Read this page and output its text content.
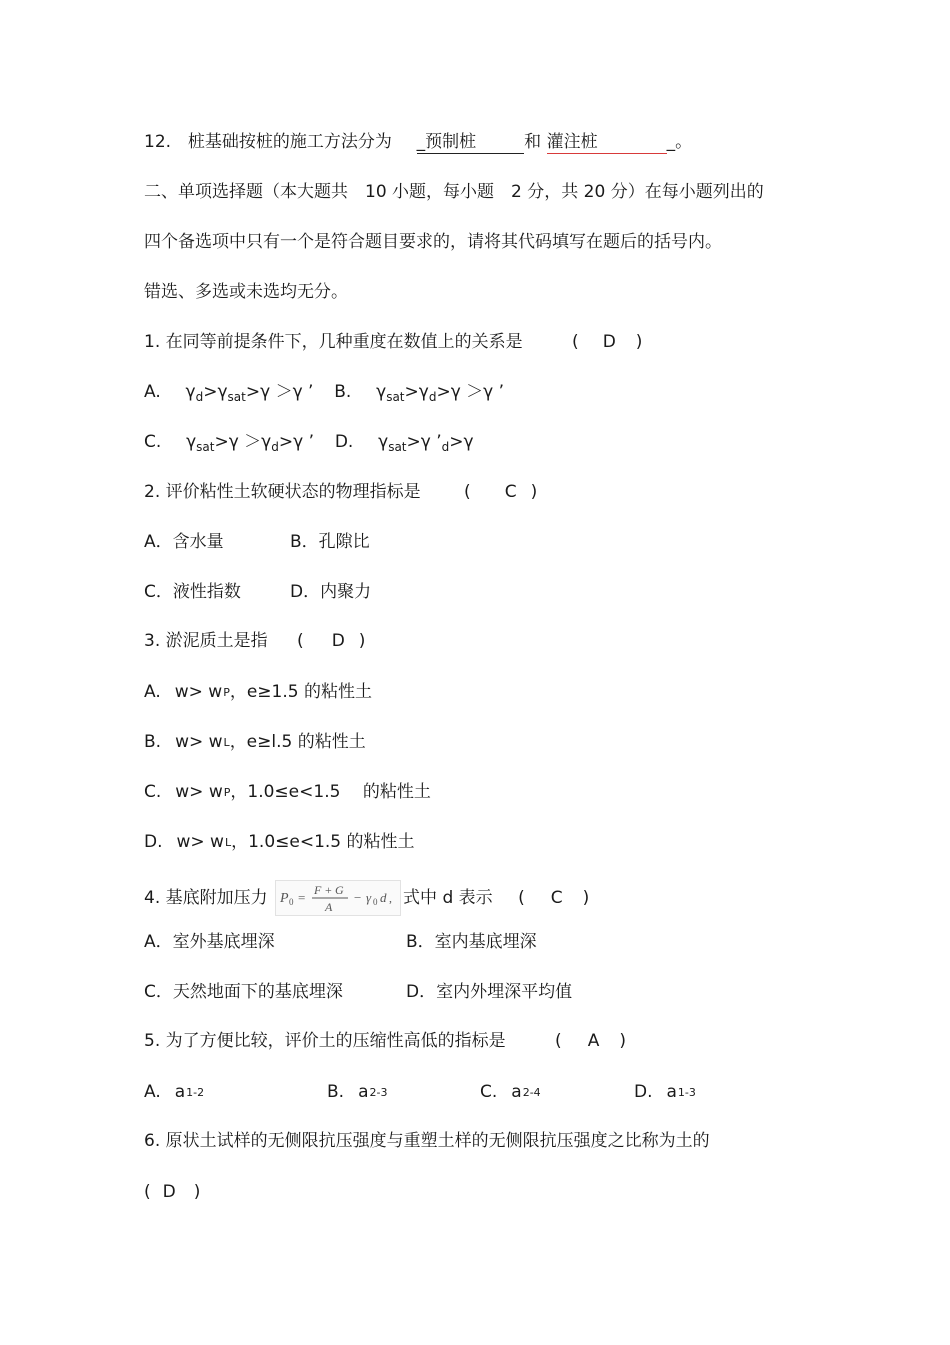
12. 桩基础按桩的施工方法分为 _预制桩	和 灌注桩	_。
二、单项选择题（本大题共　10 小题，每小题　2 分，共 20 分）在每小题列出的
四个备选项中只有一个是符合题目要求的，请将其代码填写在题后的括号内。
错选、多选或未选均无分。
1. 在同等前提条件下，几种重度在数值上的关系是	( D )
A. $\gamma_d>\gamma_{sat}>\gamma >\gamma$ ’ B. $\gamma_{sat}>\gamma_d>\gamma >\gamma$ ’
C. $\gamma_{sat}>\gamma >\gamma_d>\gamma$ ’ D. $\gamma_{sat}>\gamma$ $’_d>\gamma$
2. 评价粘性土软硬状态的物理指标是	( C )
A．含水量	B．孔隙比
C．液性指数	D．内聚力
3. 淤泥质土是指 ( D )
A. w> wP，e≥1.5 的粘性土
B. w> wL，e≥l.5 的粘性土
C. w> wP，1.0≤e<1.5 　的粘性土
D. w> wL，1.0≤e<1.5 的粘性土
4. 基底附加压力 P 0 = F + G
A
− γ 0 d , 式中 d 表示 ( C )
A．室外基底埋深	B．室内基底埋深
C．天然地面下的基底埋深	D．室内外埋深平均值
5. 为了方便比较，评价土的压缩性高低的指标是	( A )
A. a1-2	B. a2-3	C. a2-4	D. a1-3
6. 原状土试样的无侧限抗压强度与重塑土样的无侧限抗压强度之比称为土的
( D )
